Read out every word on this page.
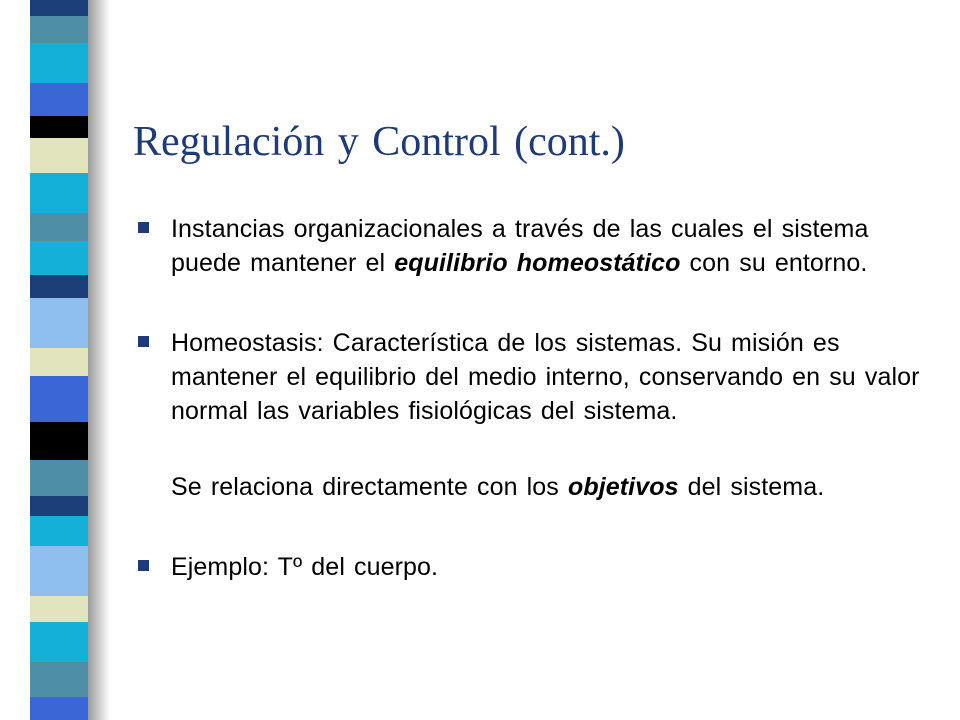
Regulación y Control (cont.)

Instancias organizacionales a través de las cuales el sistema puede mantener el equilibrio homeostático con su entorno.

Homeostasis: Característica de los sistemas. Su misión es mantener el equilibrio del medio interno, conservando en su valor normal las variables fisiológicas del sistema.

Se relaciona directamente con los objetivos del sistema.

Ejemplo: Tº del cuerpo.
